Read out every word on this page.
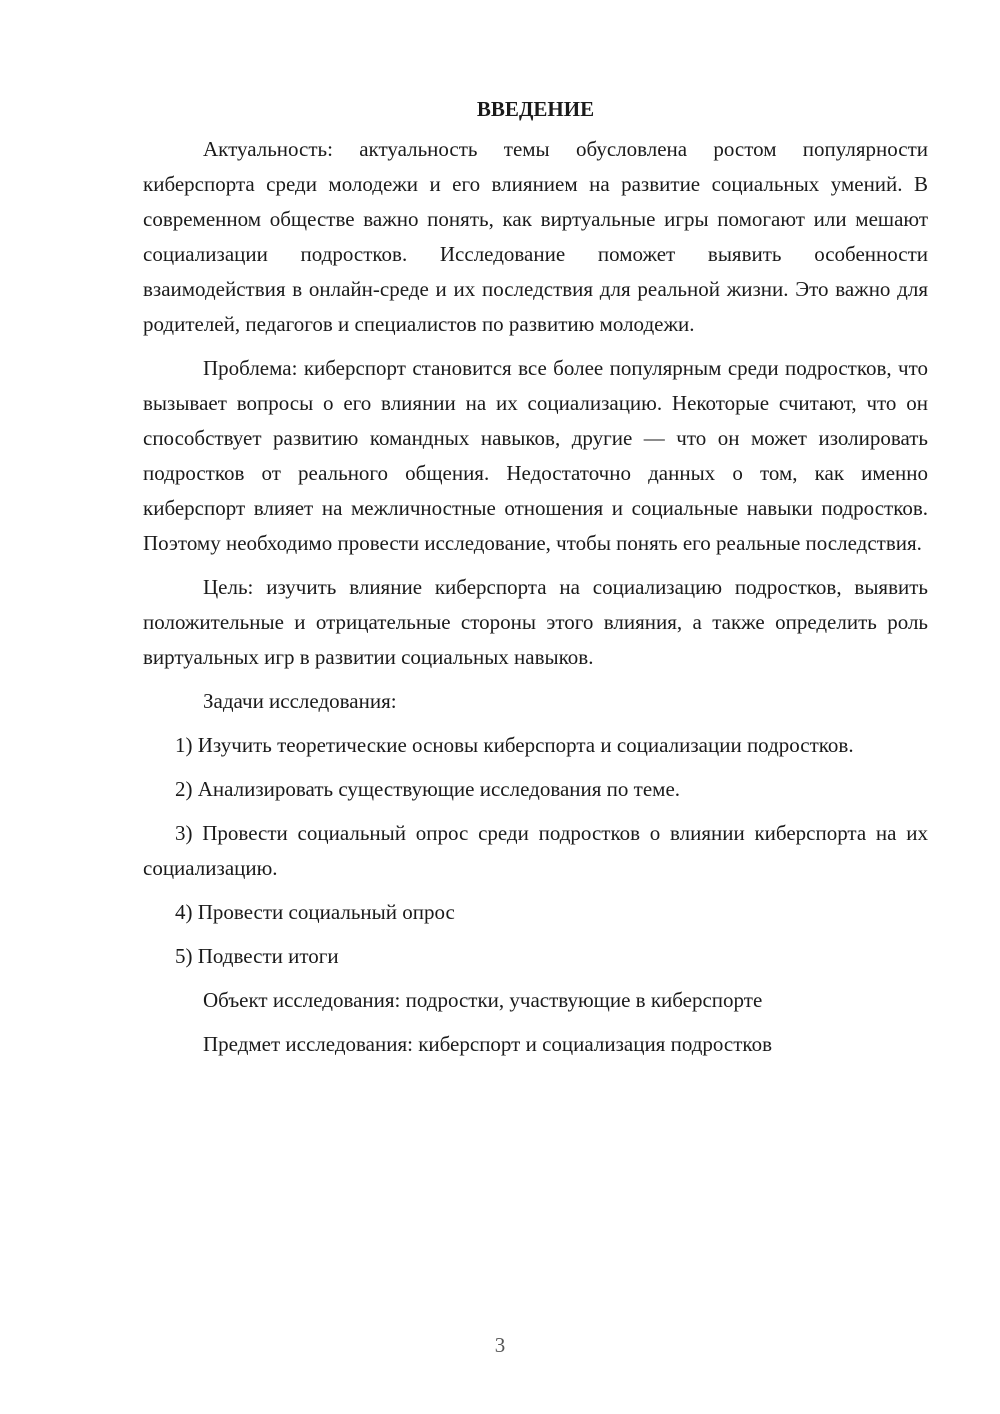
ВВЕДЕНИЕ

Актуальность: актуальность темы обусловлена ростом популярности киберспорта среди молодежи и его влиянием на развитие социальных умений. В современном обществе важно понять, как виртуальные игры помогают или мешают социализации подростков. Исследование поможет выявить особенности взаимодействия в онлайн-среде и их последствия для реальной жизни. Это важно для родителей, педагогов и специалистов по развитию молодежи.

Проблема: киберспорт становится все более популярным среди подростков, что вызывает вопросы о его влиянии на их социализацию. Некоторые считают, что он способствует развитию командных навыков, другие — что он может изолировать подростков от реального общения. Недостаточно данных о том, как именно киберспорт влияет на межличностные отношения и социальные навыки подростков. Поэтому необходимо провести исследование, чтобы понять его реальные последствия.

Цель: изучить влияние киберспорта на социализацию подростков, выявить положительные и отрицательные стороны этого влияния, а также определить роль виртуальных игр в развитии социальных навыков.

Задачи исследования:

1) Изучить теоретические основы киберспорта и социализации подростков.

2) Анализировать существующие исследования по теме.

3) Провести социальный опрос среди подростков о влиянии киберспорта на их социализацию.

4) Провести социальный опрос

5) Подвести итоги

Объект исследования: подростки, участвующие в киберспорте

Предмет исследования: киберспорт и социализация подростков

3
